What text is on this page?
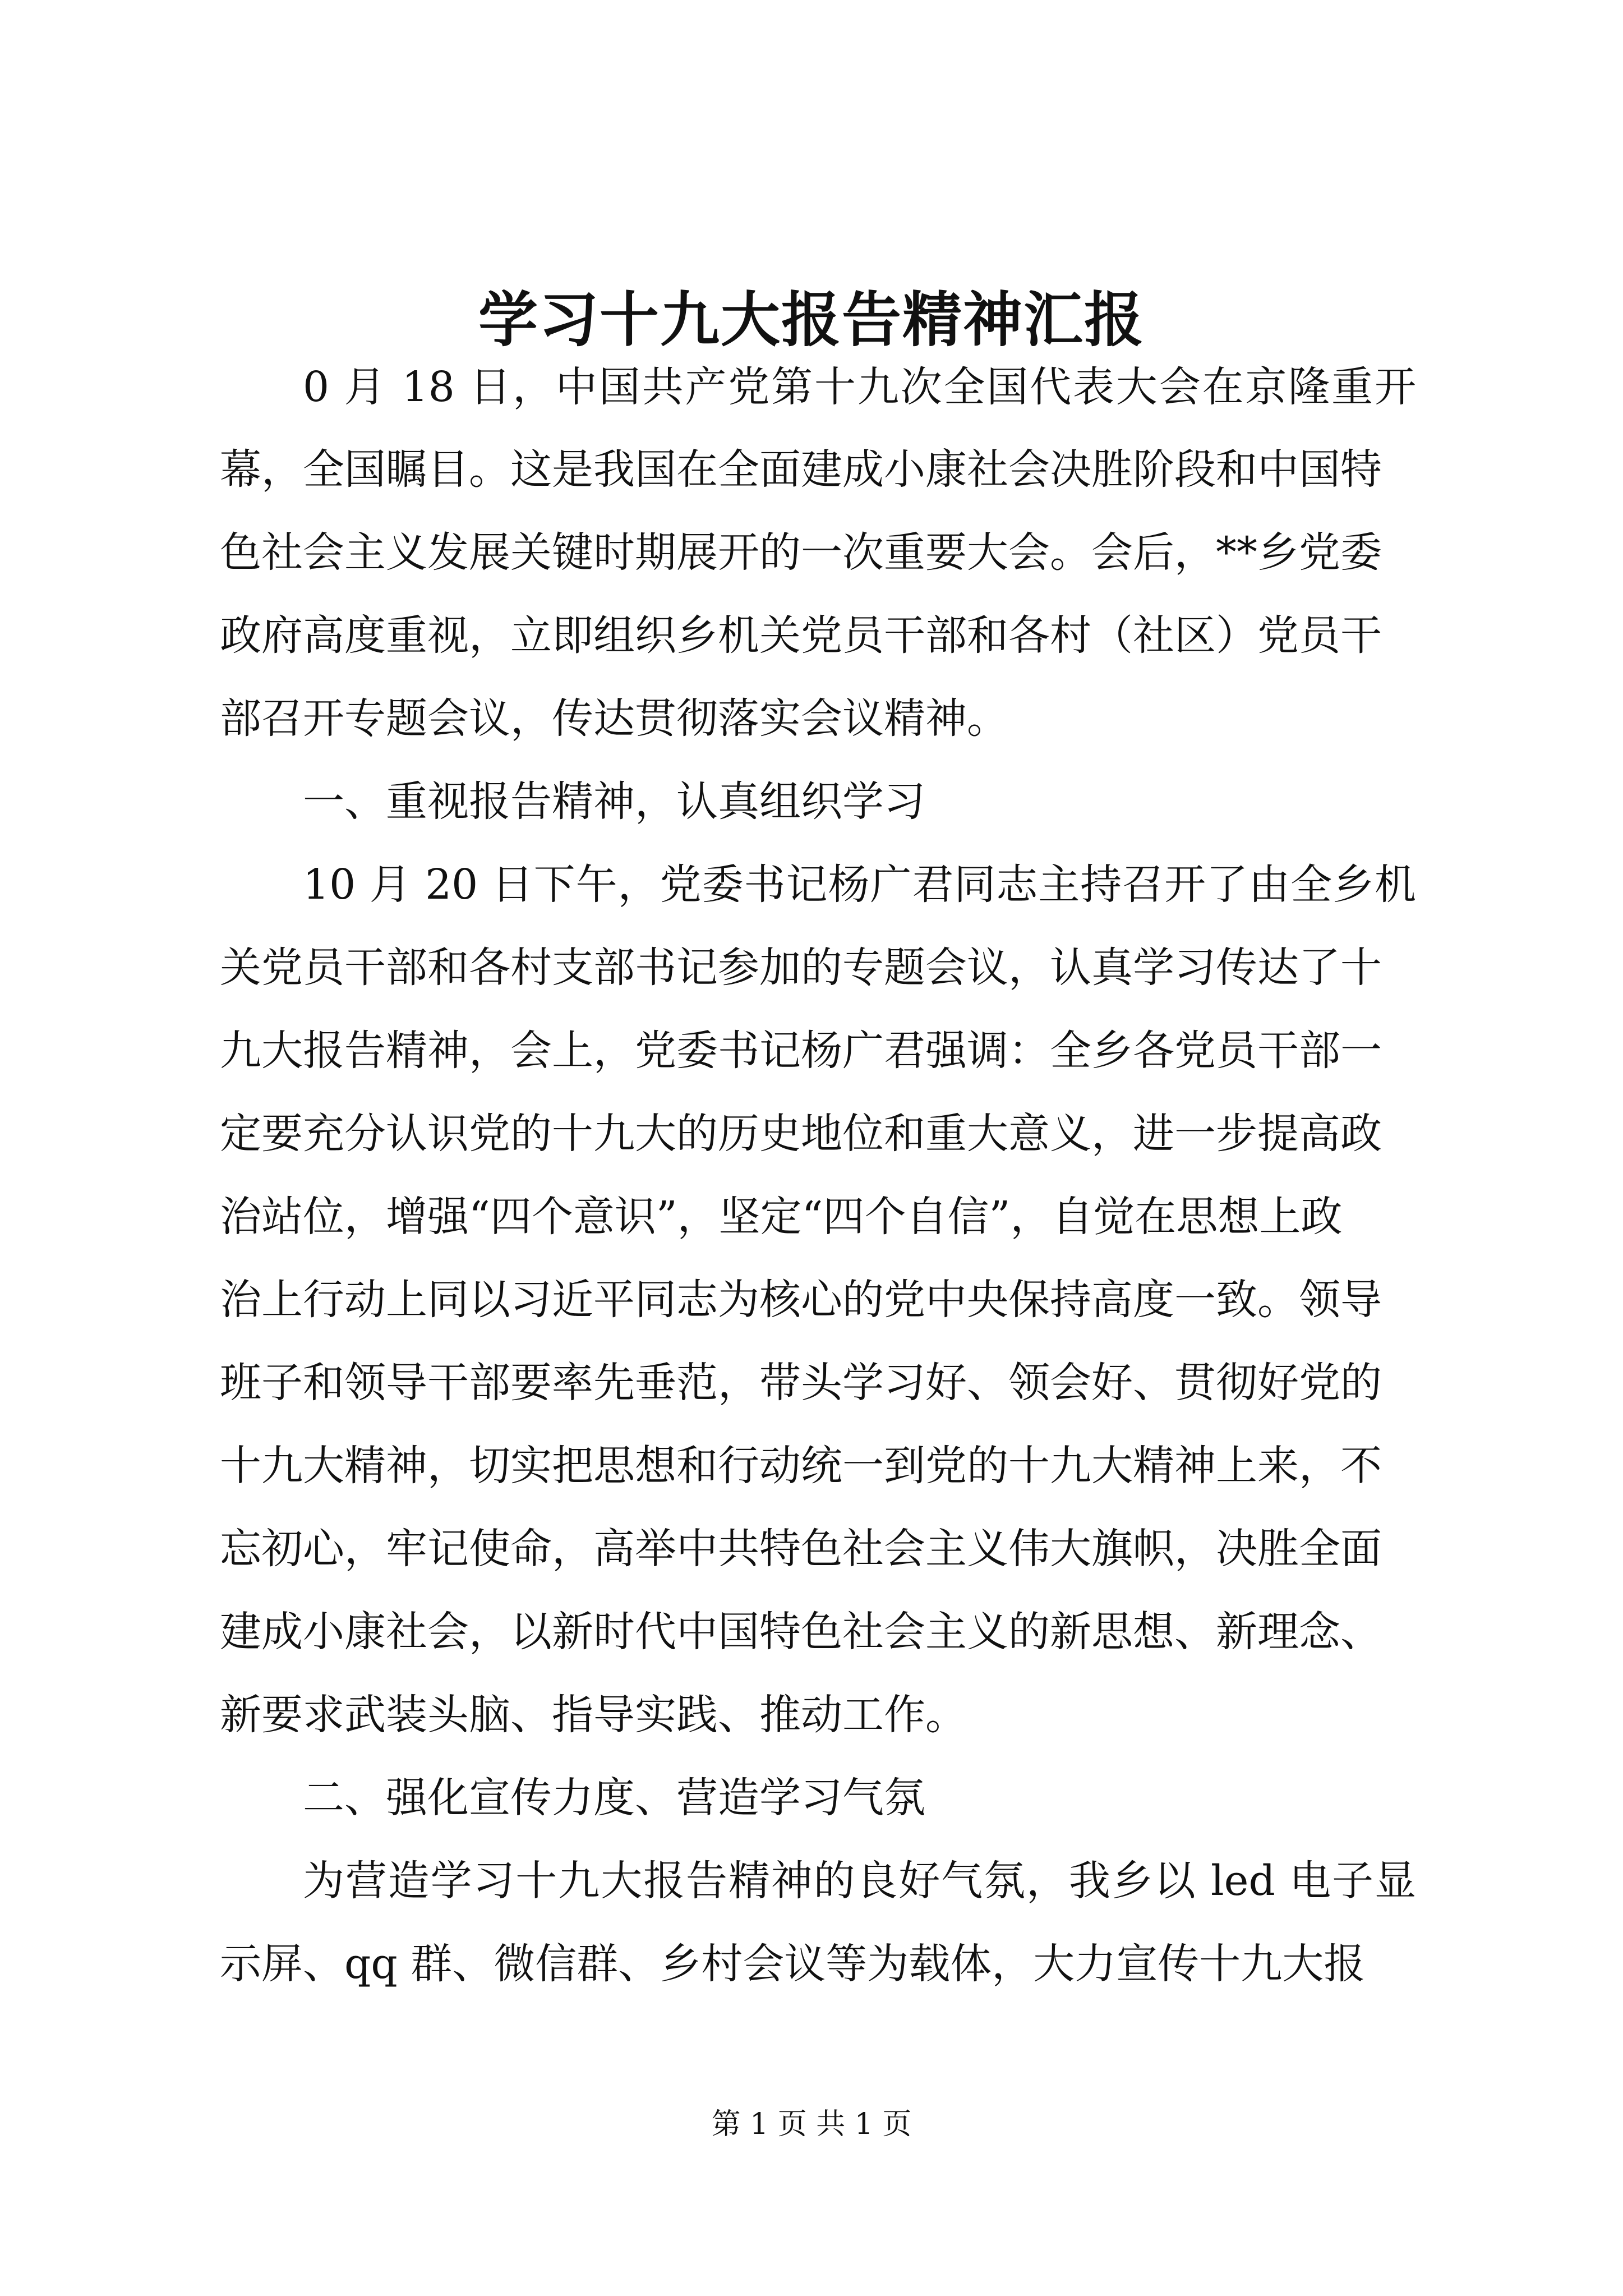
学习十九大报告精神汇报
0 月 18 日，中国共产党第十九次全国代表大会在京隆重开
幕，全国瞩目。这是我国在全面建成小康社会决胜阶段和中国特
色社会主义发展关键时期展开的一次重要大会。会后，**乡党委
政府高度重视，立即组织乡机关党员干部和各村（社区）党员干
部召开专题会议，传达贯彻落实会议精神。
一、重视报告精神，认真组织学习
10 月 20 日下午，党委书记杨广君同志主持召开了由全乡机
关党员干部和各村支部书记参加的专题会议，认真学习传达了十
九大报告精神，会上，党委书记杨广君强调：全乡各党员干部一
定要充分认识党的十九大的历史地位和重大意义，进一步提高政
治站位，增强“四个意识”，坚定“四个自信”，自觉在思想上政
治上行动上同以习近平同志为核心的党中央保持高度一致。领导
班子和领导干部要率先垂范，带头学习好、领会好、贯彻好党的
十九大精神，切实把思想和行动统一到党的十九大精神上来，不
忘初心，牢记使命，高举中共特色社会主义伟大旗帜，决胜全面
建成小康社会，以新时代中国特色社会主义的新思想、新理念、
新要求武装头脑、指导实践、推动工作。
二、强化宣传力度、营造学习气氛
为营造学习十九大报告精神的良好气氛，我乡以 led 电子显
示屏、qq 群、微信群、乡村会议等为载体，大力宣传十九大报
第 1 页 共 1 页
